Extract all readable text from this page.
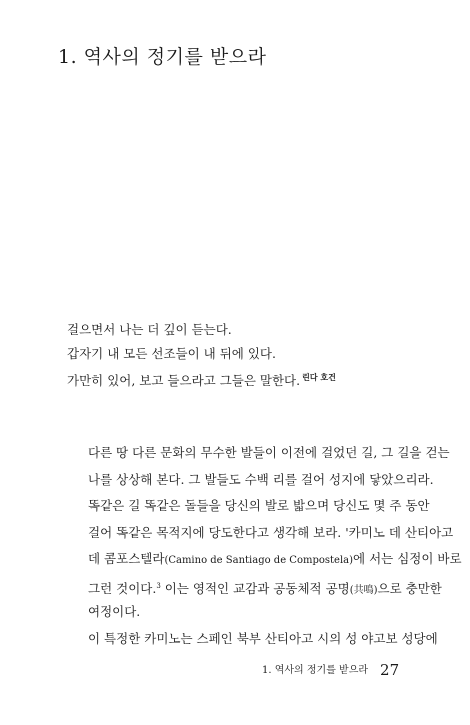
1. 역사의 정기를 받으라
걸으면서 나는 더 깊이 듣는다.
갑자기 내 모든 선조들이 내 뒤에 있다.
가만히 있어, 보고 들으라고 그들은 말한다. $^{린다 호건}$
다른 땅 다른 문화의 무수한 발들이 이전에 걸었던 길, 그 길을 걷는
나를 상상해 본다. 그 발들도 수백 리를 걸어 성지에 닿았으리라.
똑같은 길 똑같은 돌들을 당신의 발로 밟으며 당신도 몇 주 동안
걸어 똑같은 목적지에 당도한다고 생각해 보라. '카미노 데 산티아고
데 콤포스텔라(Camino de Santiago de Compostela)에 서는 심정이 바로
그런 것이다.$^3$ 이는 영적인 교감과 공동체적 공명(共鳴)으로 충만한
여정이다.
이 특정한 카미노는 스페인 북부 산티아고 시의 성 야고보 성당에
1. 역사의 정기를 받으라 27
